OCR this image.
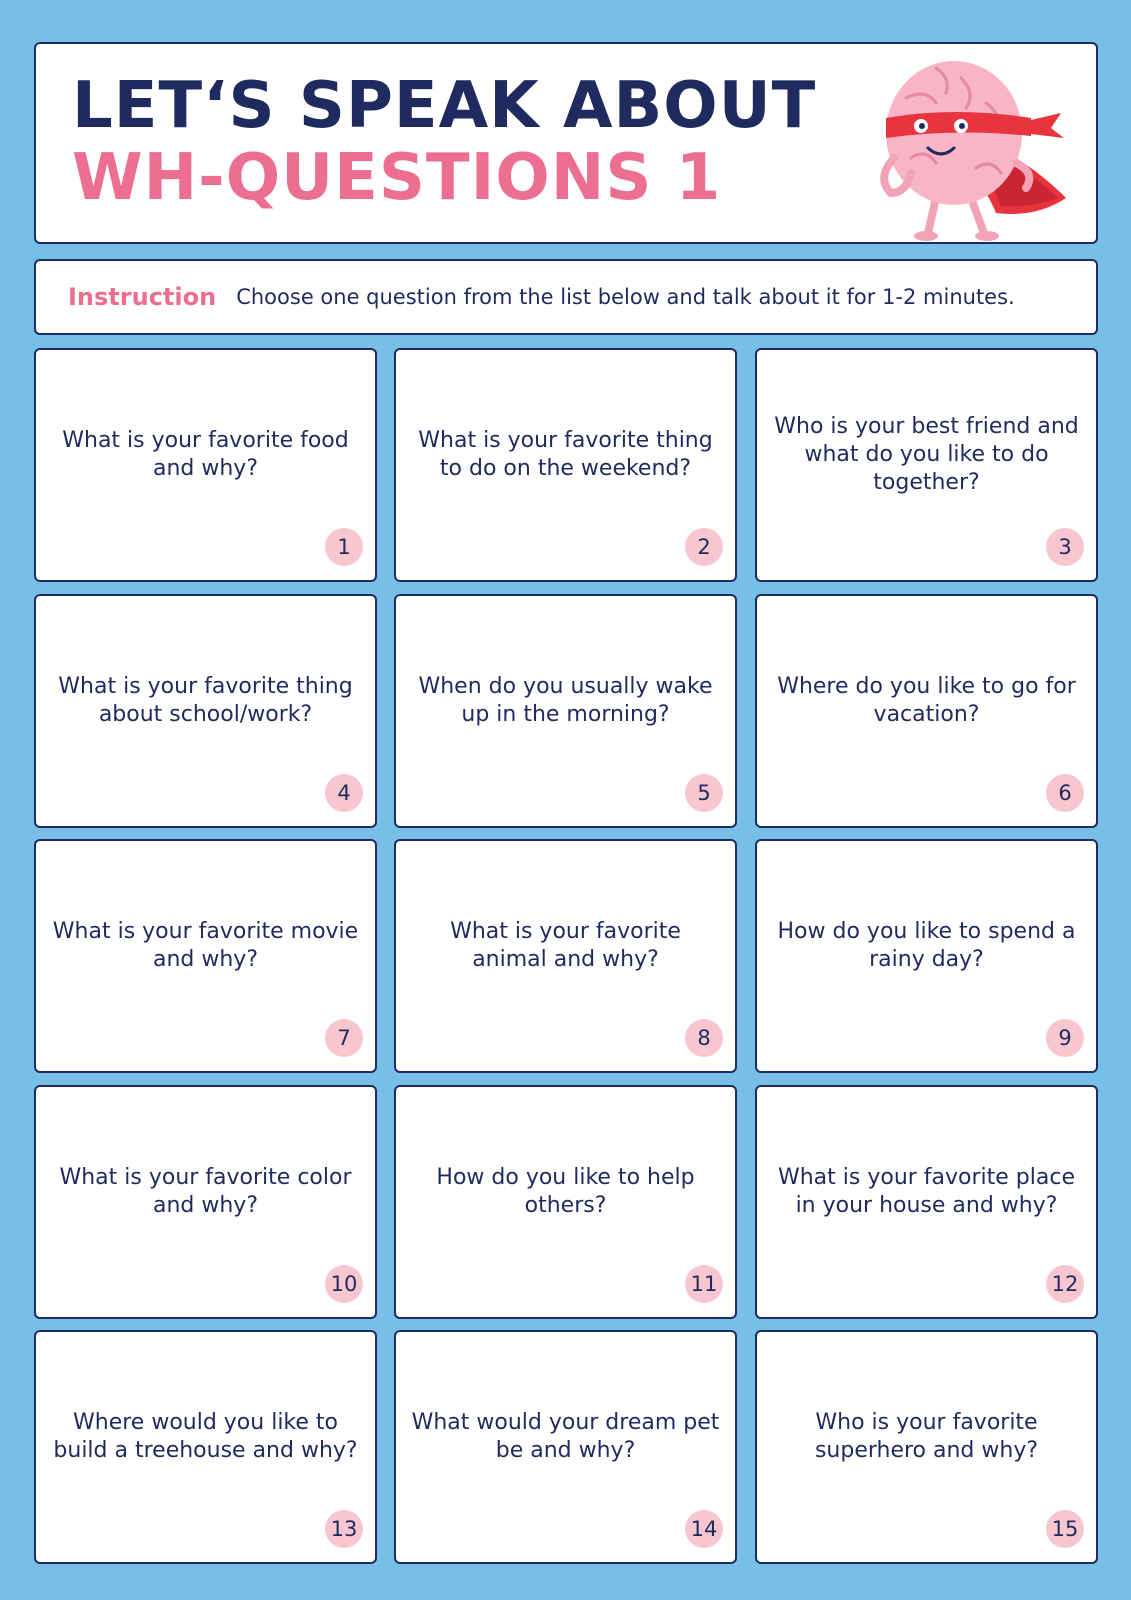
LET‘S SPEAK ABOUT
WH-QUESTIONS 1
Instruction Choose one question from the list below and talk about it for 1-2 minutes.
What is your favorite food and why?
1
What is your favorite thing to do on the weekend?
2
Who is your best friend and what do you like to do together?
3
What is your favorite thing about school/work?
4
When do you usually wake up in the morning?
5
Where do you like to go for vacation?
6
What is your favorite movie and why?
7
What is your favorite animal and why?
8
How do you like to spend a rainy day?
9
What is your favorite color and why?
10
How do you like to help others?
11
What is your favorite place in your house and why?
12
Where would you like to build a treehouse and why?
13
What would your dream pet be and why?
14
Who is your favorite superhero and why?
15
